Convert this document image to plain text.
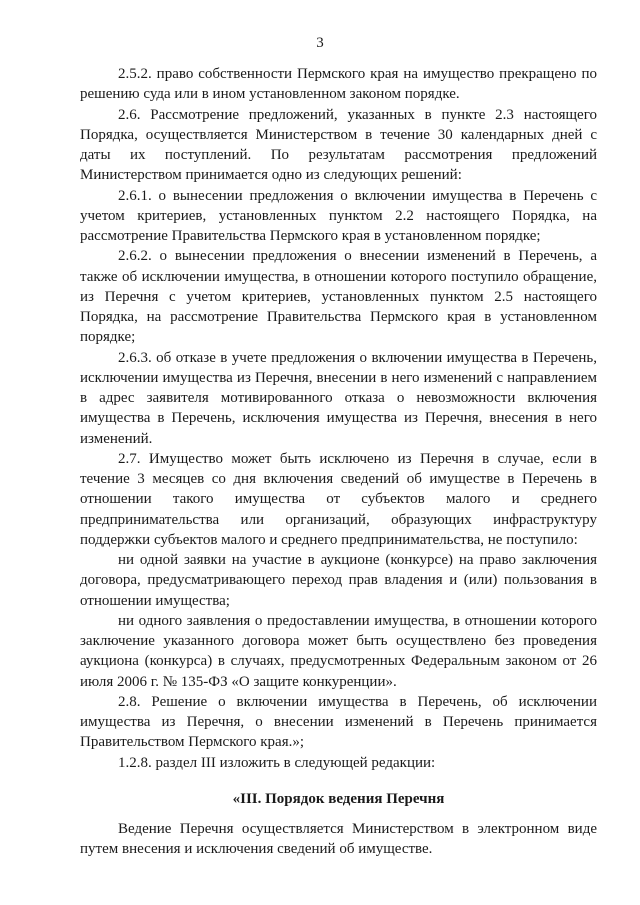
3

2.5.2. право собственности Пермского края на имущество прекращено по решению суда или в ином установленном законом порядке.

2.6. Рассмотрение предложений, указанных в пункте 2.3 настоящего Порядка, осуществляется Министерством в течение 30 календарных дней с даты их поступлений. По результатам рассмотрения предложений Министерством принимается одно из следующих решений:

2.6.1. о вынесении предложения о включении имущества в Перечень с учетом критериев, установленных пунктом 2.2 настоящего Порядка, на рассмотрение Правительства Пермского края в установленном порядке;

2.6.2. о вынесении предложения о внесении изменений в Перечень, а также об исключении имущества, в отношении которого поступило обращение, из Перечня с учетом критериев, установленных пунктом 2.5 настоящего Порядка, на рассмотрение Правительства Пермского края в установленном порядке;

2.6.3. об отказе в учете предложения о включении имущества в Перечень, исключении имущества из Перечня, внесении в него изменений с направлением в адрес заявителя мотивированного отказа о невозможности включения имущества в Перечень, исключения имущества из Перечня, внесения в него изменений.

2.7. Имущество может быть исключено из Перечня в случае, если в течение 3 месяцев со дня включения сведений об имуществе в Перечень в отношении такого имущества от субъектов малого и среднего предпринимательства или организаций, образующих инфраструктуру поддержки субъектов малого и среднего предпринимательства, не поступило:

ни одной заявки на участие в аукционе (конкурсе) на право заключения договора, предусматривающего переход прав владения и (или) пользования в отношении имущества;

ни одного заявления о предоставлении имущества, в отношении которого заключение указанного договора может быть осуществлено без проведения аукциона (конкурса) в случаях, предусмотренных Федеральным законом от 26 июля 2006 г. № 135-ФЗ «О защите конкуренции».

2.8. Решение о включении имущества в Перечень, об исключении имущества из Перечня, о внесении изменений в Перечень принимается Правительством Пермского края.»;

1.2.8. раздел III изложить в следующей редакции:

«III. Порядок ведения Перечня

Ведение Перечня осуществляется Министерством в электронном виде путем внесения и исключения сведений об имуществе.
